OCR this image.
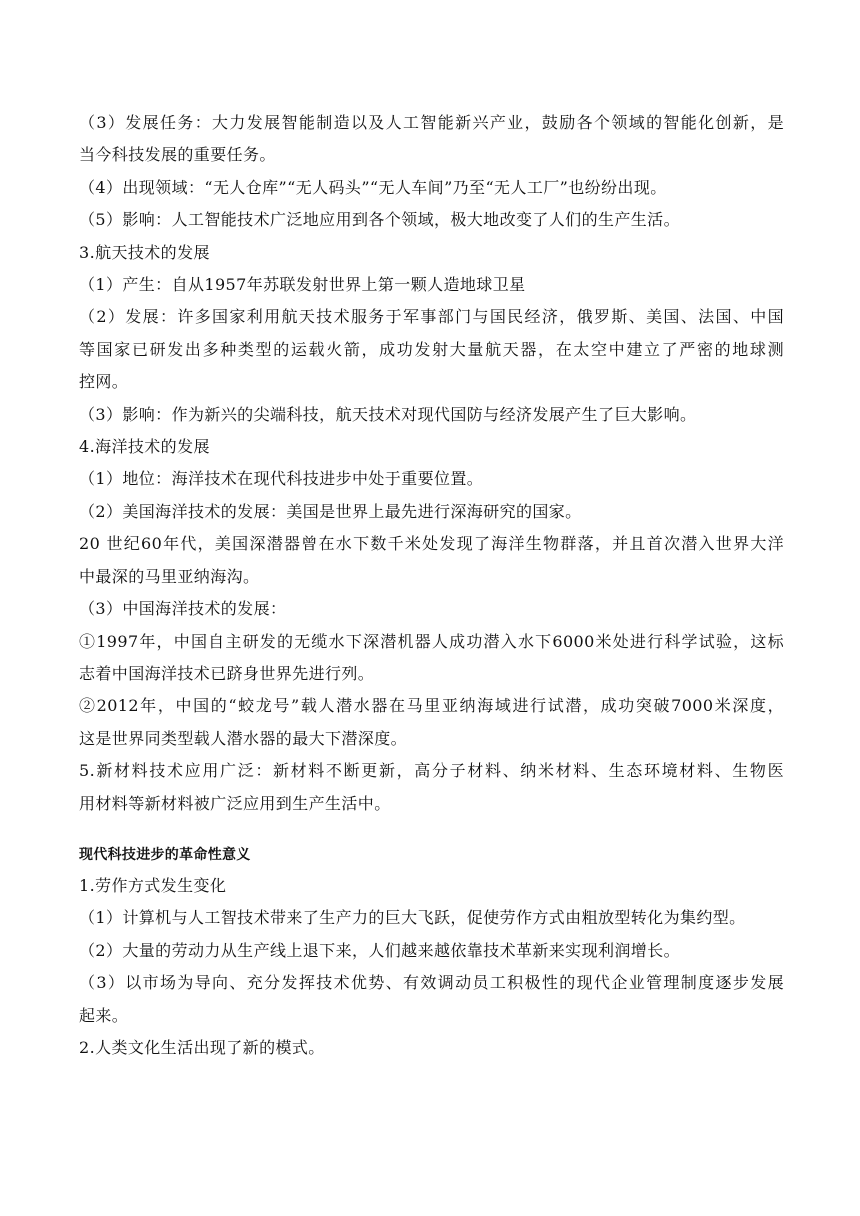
（3）发展任务：大力发展智能制造以及人工智能新兴产业，鼓励各个领域的智能化创新，是
当今科技发展的重要任务。
（4）出现领域：“无人仓库”“无人码头”“无人车间”乃至“无人工厂”也纷纷出现。
（5）影响：人工智能技术广泛地应用到各个领域，极大地改变了人们的生产生活。
3.航天技术的发展
（1）产生：自从1957年苏联发射世界上第一颗人造地球卫星
（2）发展：许多国家利用航天技术服务于军事部门与国民经济，俄罗斯、美国、法国、中国
等国家已研发出多种类型的运载火箭，成功发射大量航天器，在太空中建立了严密的地球测
控网。
（3）影响：作为新兴的尖端科技，航天技术对现代国防与经济发展产生了巨大影响。
4.海洋技术的发展
（1）地位：海洋技术在现代科技进步中处于重要位置。
（2）美国海洋技术的发展：美国是世界上最先进行深海研究的国家。
20 世纪60年代，美国深潜器曾在水下数千米处发现了海洋生物群落，并且首次潜入世界大洋
中最深的马里亚纳海沟。
（3）中国海洋技术的发展：
①1997年，中国自主研发的无缆水下深潜机器人成功潜入水下6000米处进行科学试验，这标
志着中国海洋技术已跻身世界先进行列。
②2012年，中国的“蛟龙号”载人潜水器在马里亚纳海域进行试潜，成功突破7000米深度，
这是世界同类型载人潜水器的最大下潜深度。
5.新材料技术应用广泛：新材料不断更新，高分子材料、纳米材料、生态环境材料、生物医
用材料等新材料被广泛应用到生产生活中。
现代科技进步的革命性意义
1.劳作方式发生变化
（1）计算机与人工智技术带来了生产力的巨大飞跃，促使劳作方式由粗放型转化为集约型。
（2）大量的劳动力从生产线上退下来，人们越来越依靠技术革新来实现利润增长。
（3）以市场为导向、充分发挥技术优势、有效调动员工积极性的现代企业管理制度逐步发展
起来。
2.人类文化生活出现了新的模式。
